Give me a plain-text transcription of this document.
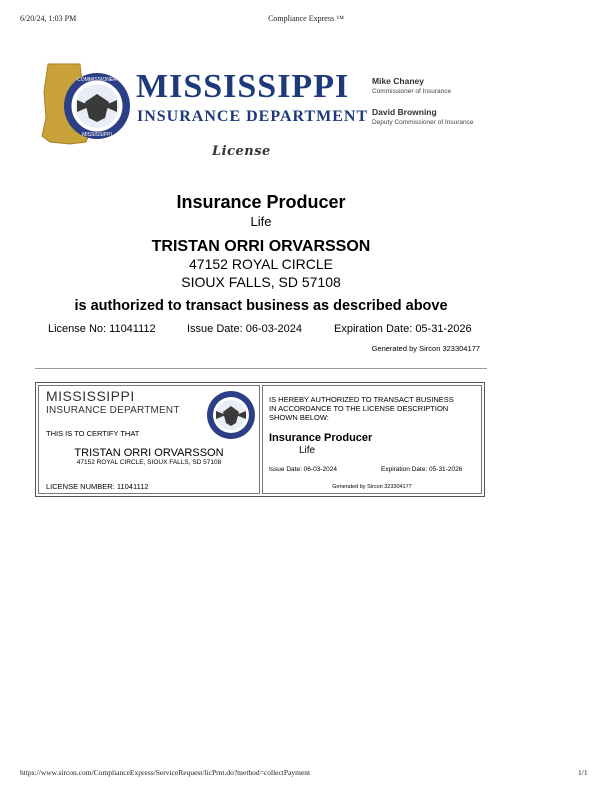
6/20/24, 1:03 PM	Compliance Express ™
COMMISSIONER
MISSISSIPPI
MISSISSIPPI
INSURANCE DEPARTMENT
Mike Chaney
Commissioner of Insurance
David Browning
Deputy Commissioner of Insurance
License
Insurance Producer
Life
TRISTAN ORRI ORVARSSON
47152 ROYAL CIRCLE
SIOUX FALLS, SD 57108
is authorized to transact business as described above
License No: 11041112	Issue Date: 06-03-2024	Expiration Date: 05-31-2026
Generated by Sircon 323304177
MISSISSIPPI
INSURANCE DEPARTMENT
THIS IS TO CERTIFY THAT
TRISTAN ORRI ORVARSSON
47152 ROYAL CIRCLE, SIOUX FALLS, SD 57108
LICENSE NUMBER: 11041112
IS HEREBY AUTHORIZED TO TRANSACT BUSINESS
IN ACCORDANCE TO THE LICENSE DESCRIPTION
SHOWN BELOW:
Insurance Producer
Life
Issue Date: 06-03-2024	Expiration Date: 05-31-2026
Generated by Sircon 323304177
https://www.sircon.com/ComplianceExpress/ServiceRequest/licPrnt.do?method=collectPayment	1/1
